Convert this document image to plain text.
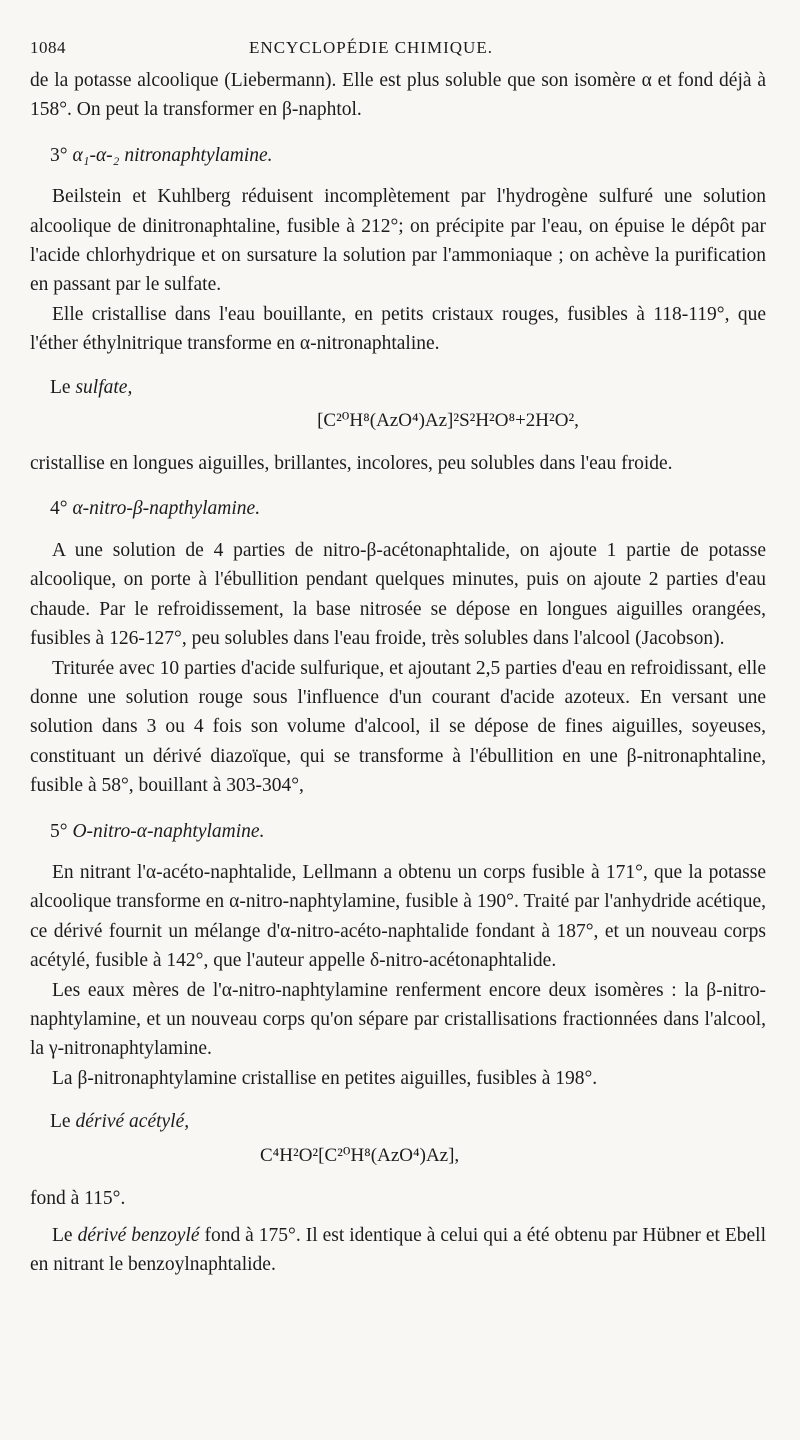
1084	ENCYCLOPÉDIE CHIMIQUE.

de la potasse alcoolique (Liebermann). Elle est plus soluble que son isomère α et fond déjà à 158°. On peut la transformer en β-naphtol.

3° α₁-α-₂ nitronaphtylamine.

Beilstein et Kuhlberg réduisent incomplètement par l'hydrogène sulfuré une solution alcoolique de dinitronaphtaline, fusible à 212°; on précipite par l'eau, on épuise le dépôt par l'acide chlorhydrique et on sursature la solution par l'ammoniaque ; on achève la purification en passant par le sulfate.

Elle cristallise dans l'eau bouillante, en petits cristaux rouges, fusibles à 118-119°, que l'éther éthylnitrique transforme en α-nitronaphtaline.

Le sulfate,
[C²⁰H⁸(AzO⁴)Az]²S²H²O⁸+2H²O²,

cristallise en longues aiguilles, brillantes, incolores, peu solubles dans l'eau froide.

4° α-nitro-β-napthylamine.

A une solution de 4 parties de nitro-β-acétonaphtalide, on ajoute 1 partie de potasse alcoolique, on porte à l'ébullition pendant quelques minutes, puis on ajoute 2 parties d'eau chaude. Par le refroidissement, la base nitrosée se dépose en longues aiguilles orangées, fusibles à 126-127°, peu solubles dans l'eau froide, très solubles dans l'alcool (Jacobson).

Triturée avec 10 parties d'acide sulfurique, et ajoutant 2,5 parties d'eau en refroidissant, elle donne une solution rouge sous l'influence d'un courant d'acide azoteux. En versant une solution dans 3 ou 4 fois son volume d'alcool, il se dépose de fines aiguilles, soyeuses, constituant un dérivé diazoïque, qui se transforme à l'ébullition en une β-nitronaphtaline, fusible à 58°, bouillant à 303-304°,

5° O-nitro-α-naphtylamine.

En nitrant l'α-acéto-naphtalide, Lellmann a obtenu un corps fusible à 171°, que la potasse alcoolique transforme en α-nitro-naphtylamine, fusible à 190°. Traité par l'anhydride acétique, ce dérivé fournit un mélange d'α-nitro-acéto-naphtalide fondant à 187°, et un nouveau corps acétylé, fusible à 142°, que l'auteur appelle δ-nitro-acétonaphtalide.

Les eaux mères de l'α-nitro-naphtylamine renferment encore deux isomères : la β-nitro-naphtylamine, et un nouveau corps qu'on sépare par cristallisations fractionnées dans l'alcool, la γ-nitronaphtylamine.

La β-nitronaphtylamine cristallise en petites aiguilles, fusibles à 198°.

Le dérivé acétylé,
C⁴H²O²[C²⁰H⁸(AzO⁴)Az],

fond à 115°.

Le dérivé benzoylé fond à 175°. Il est identique à celui qui a été obtenu par Hübner et Ebell en nitrant le benzoylnaphtalide.
